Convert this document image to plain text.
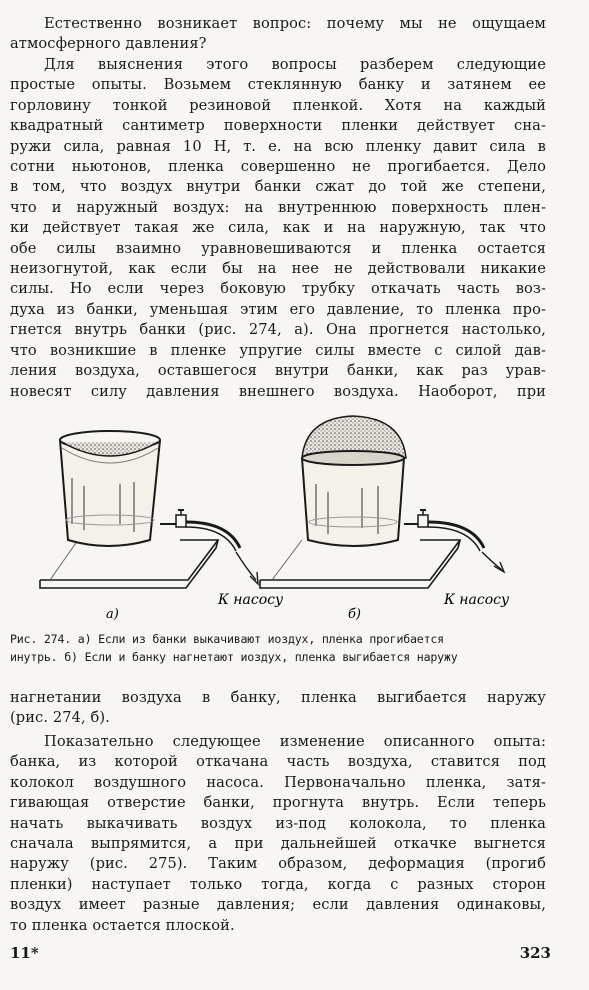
Естественно возникает вопрос: почему мы не ощущаем
атмосферного давления?
Для выяснения этого вопросы разберем следующие
простые опыты. Возьмем стеклянную банку и затянем ее
горловину тонкой резиновой пленкой. Хотя на каждый
квадратный сантиметр поверхности пленки действует сна-
ружи сила, равная 10 Н, т. е. на всю пленку давит сила в
сотни ньютонов, пленка совершенно не прогибается. Дело
в том, что воздух внутри банки сжат до той же степени,
что и наружный воздух: на внутреннюю поверхность плен-
ки действует такая же сила, как и на наружную, так что
обе силы взаимно уравновешиваются и пленка остается
неизогнутой, как если бы на нее не действовали никакие
силы. Но если через боковую трубку откачать часть воз-
духа из банки, уменьшая этим его давление, то пленка про-
гнется внутрь банки (рис. 274, а). Она прогнется настолько,
что возникшие в пленке упругие силы вместе с силой дав-
ления воздуха, оставшегося внутри банки, как раз урав-
новесят силу давления внешнего воздуха. Наоборот, при
a)
К насосу
б)
К насосу
Рис. 274. а) Если из банки выкачивают иоздух, пленка прогибается
инутрь. б) Если и банку нагнетают иоздух, пленка выгибается наружу
нагнетании воздуха в банку, пленка выгибается наружу
(рис. 274, б).
Показательно следующее изменение описанного опыта:
банка, из которой откачана часть воздуха, ставится под
колокол воздушного насоса. Первоначально пленка, затя-
гивающая отверстие банки, прогнута внутрь. Если теперь
начать выкачивать воздух из-под колокола, то пленка
сначала выпрямится, а при дальнейшей откачке выгнется
наружу (рис. 275). Таким образом, деформация (прогиб
пленки) наступает только тогда, когда с разных сторон
воздух имеет разные давления; если давления одинаковы,
то пленка остается плоской.
11*	323
